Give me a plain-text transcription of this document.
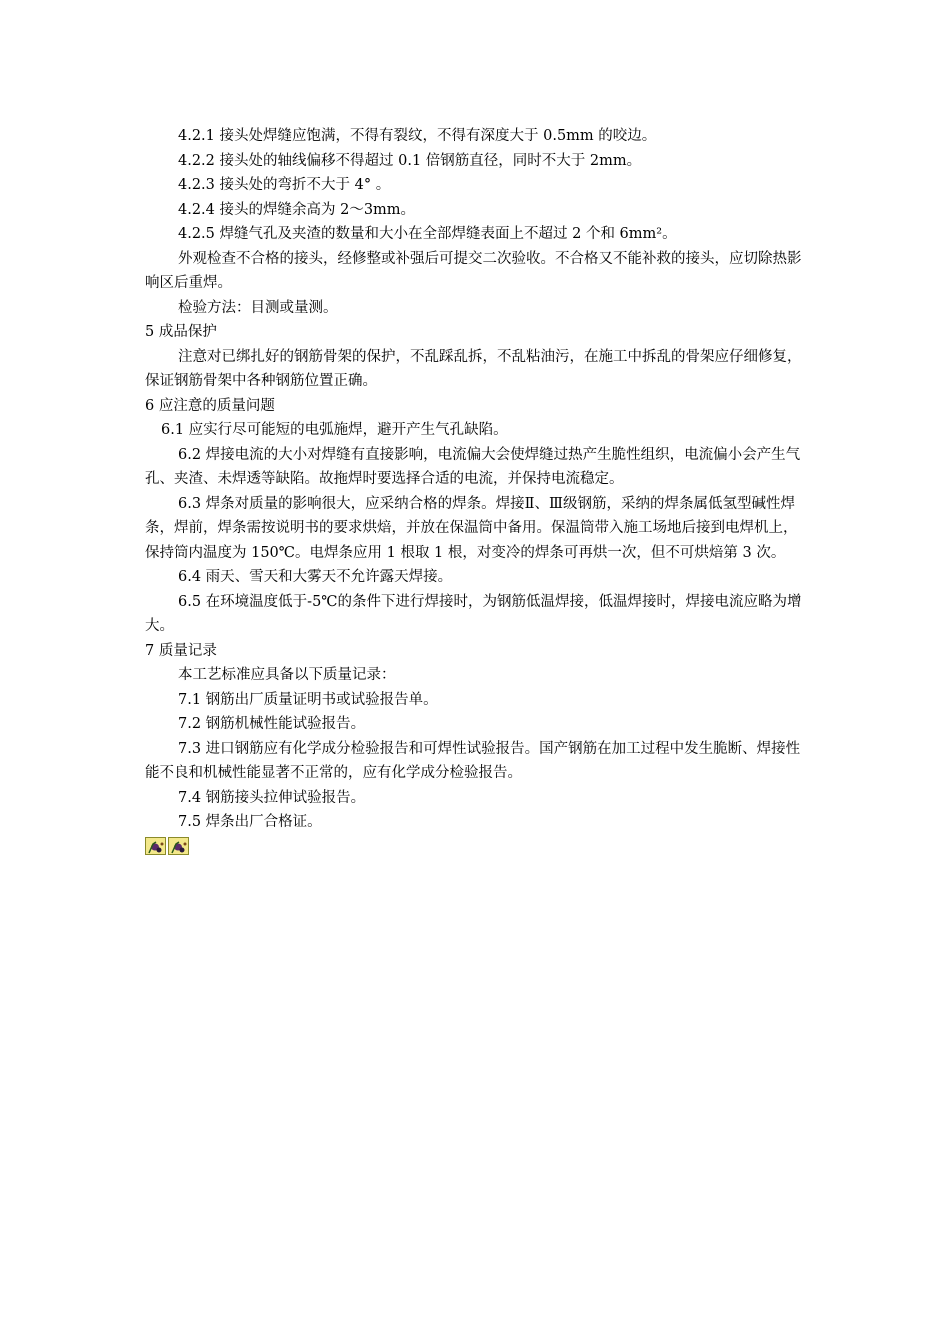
4.2.1 接头处焊缝应饱满，不得有裂纹，不得有深度大于 0.5mm 的咬边。

4.2.2 接头处的轴线偏移不得超过 0.1 倍钢筋直径，同时不大于 2mm。

4.2.3 接头处的弯折不大于 4° 。

4.2.4 接头的焊缝余高为 2～3mm。

4.2.5 焊缝气孔及夹渣的数量和大小在全部焊缝表面上不超过 2 个和 6mm²。

外观检查不合格的接头，经修整或补强后可提交二次验收。不合格又不能补救的接头，应切除热影响区后重焊。

检验方法：目测或量测。

5 成品保护

注意对已绑扎好的钢筋骨架的保护，不乱踩乱拆，不乱粘油污，在施工中拆乱的骨架应仔细修复，保证钢筋骨架中各种钢筋位置正确。

6 应注意的质量问题

6.1 应实行尽可能短的电弧施焊，避开产生气孔缺陷。

6.2 焊接电流的大小对焊缝有直接影响，电流偏大会使焊缝过热产生脆性组织，电流偏小会产生气孔、夹渣、未焊透等缺陷。故拖焊时要选择合适的电流，并保持电流稳定。

6.3 焊条对质量的影响很大，应采纳合格的焊条。焊接Ⅱ、Ⅲ级钢筋，采纳的焊条属低氢型碱性焊条，焊前，焊条需按说明书的要求烘焙，并放在保温筒中备用。保温筒带入施工场地后接到电焊机上，保持筒内温度为 150℃。电焊条应用 1 根取 1 根，对变冷的焊条可再烘一次，但不可烘焙第 3 次。

6.4 雨天、雪天和大雾天不允许露天焊接。

6.5 在环境温度低于-5℃的条件下进行焊接时，为钢筋低温焊接，低温焊接时，焊接电流应略为增大。

7 质量记录

本工艺标准应具备以下质量记录：

7.1 钢筋出厂质量证明书或试验报告单。

7.2 钢筋机械性能试验报告。

7.3 进口钢筋应有化学成分检验报告和可焊性试验报告。国产钢筋在加工过程中发生脆断、焊接性能不良和机械性能显著不正常的，应有化学成分检验报告。

7.4 钢筋接头拉伸试验报告。

7.5 焊条出厂合格证。
